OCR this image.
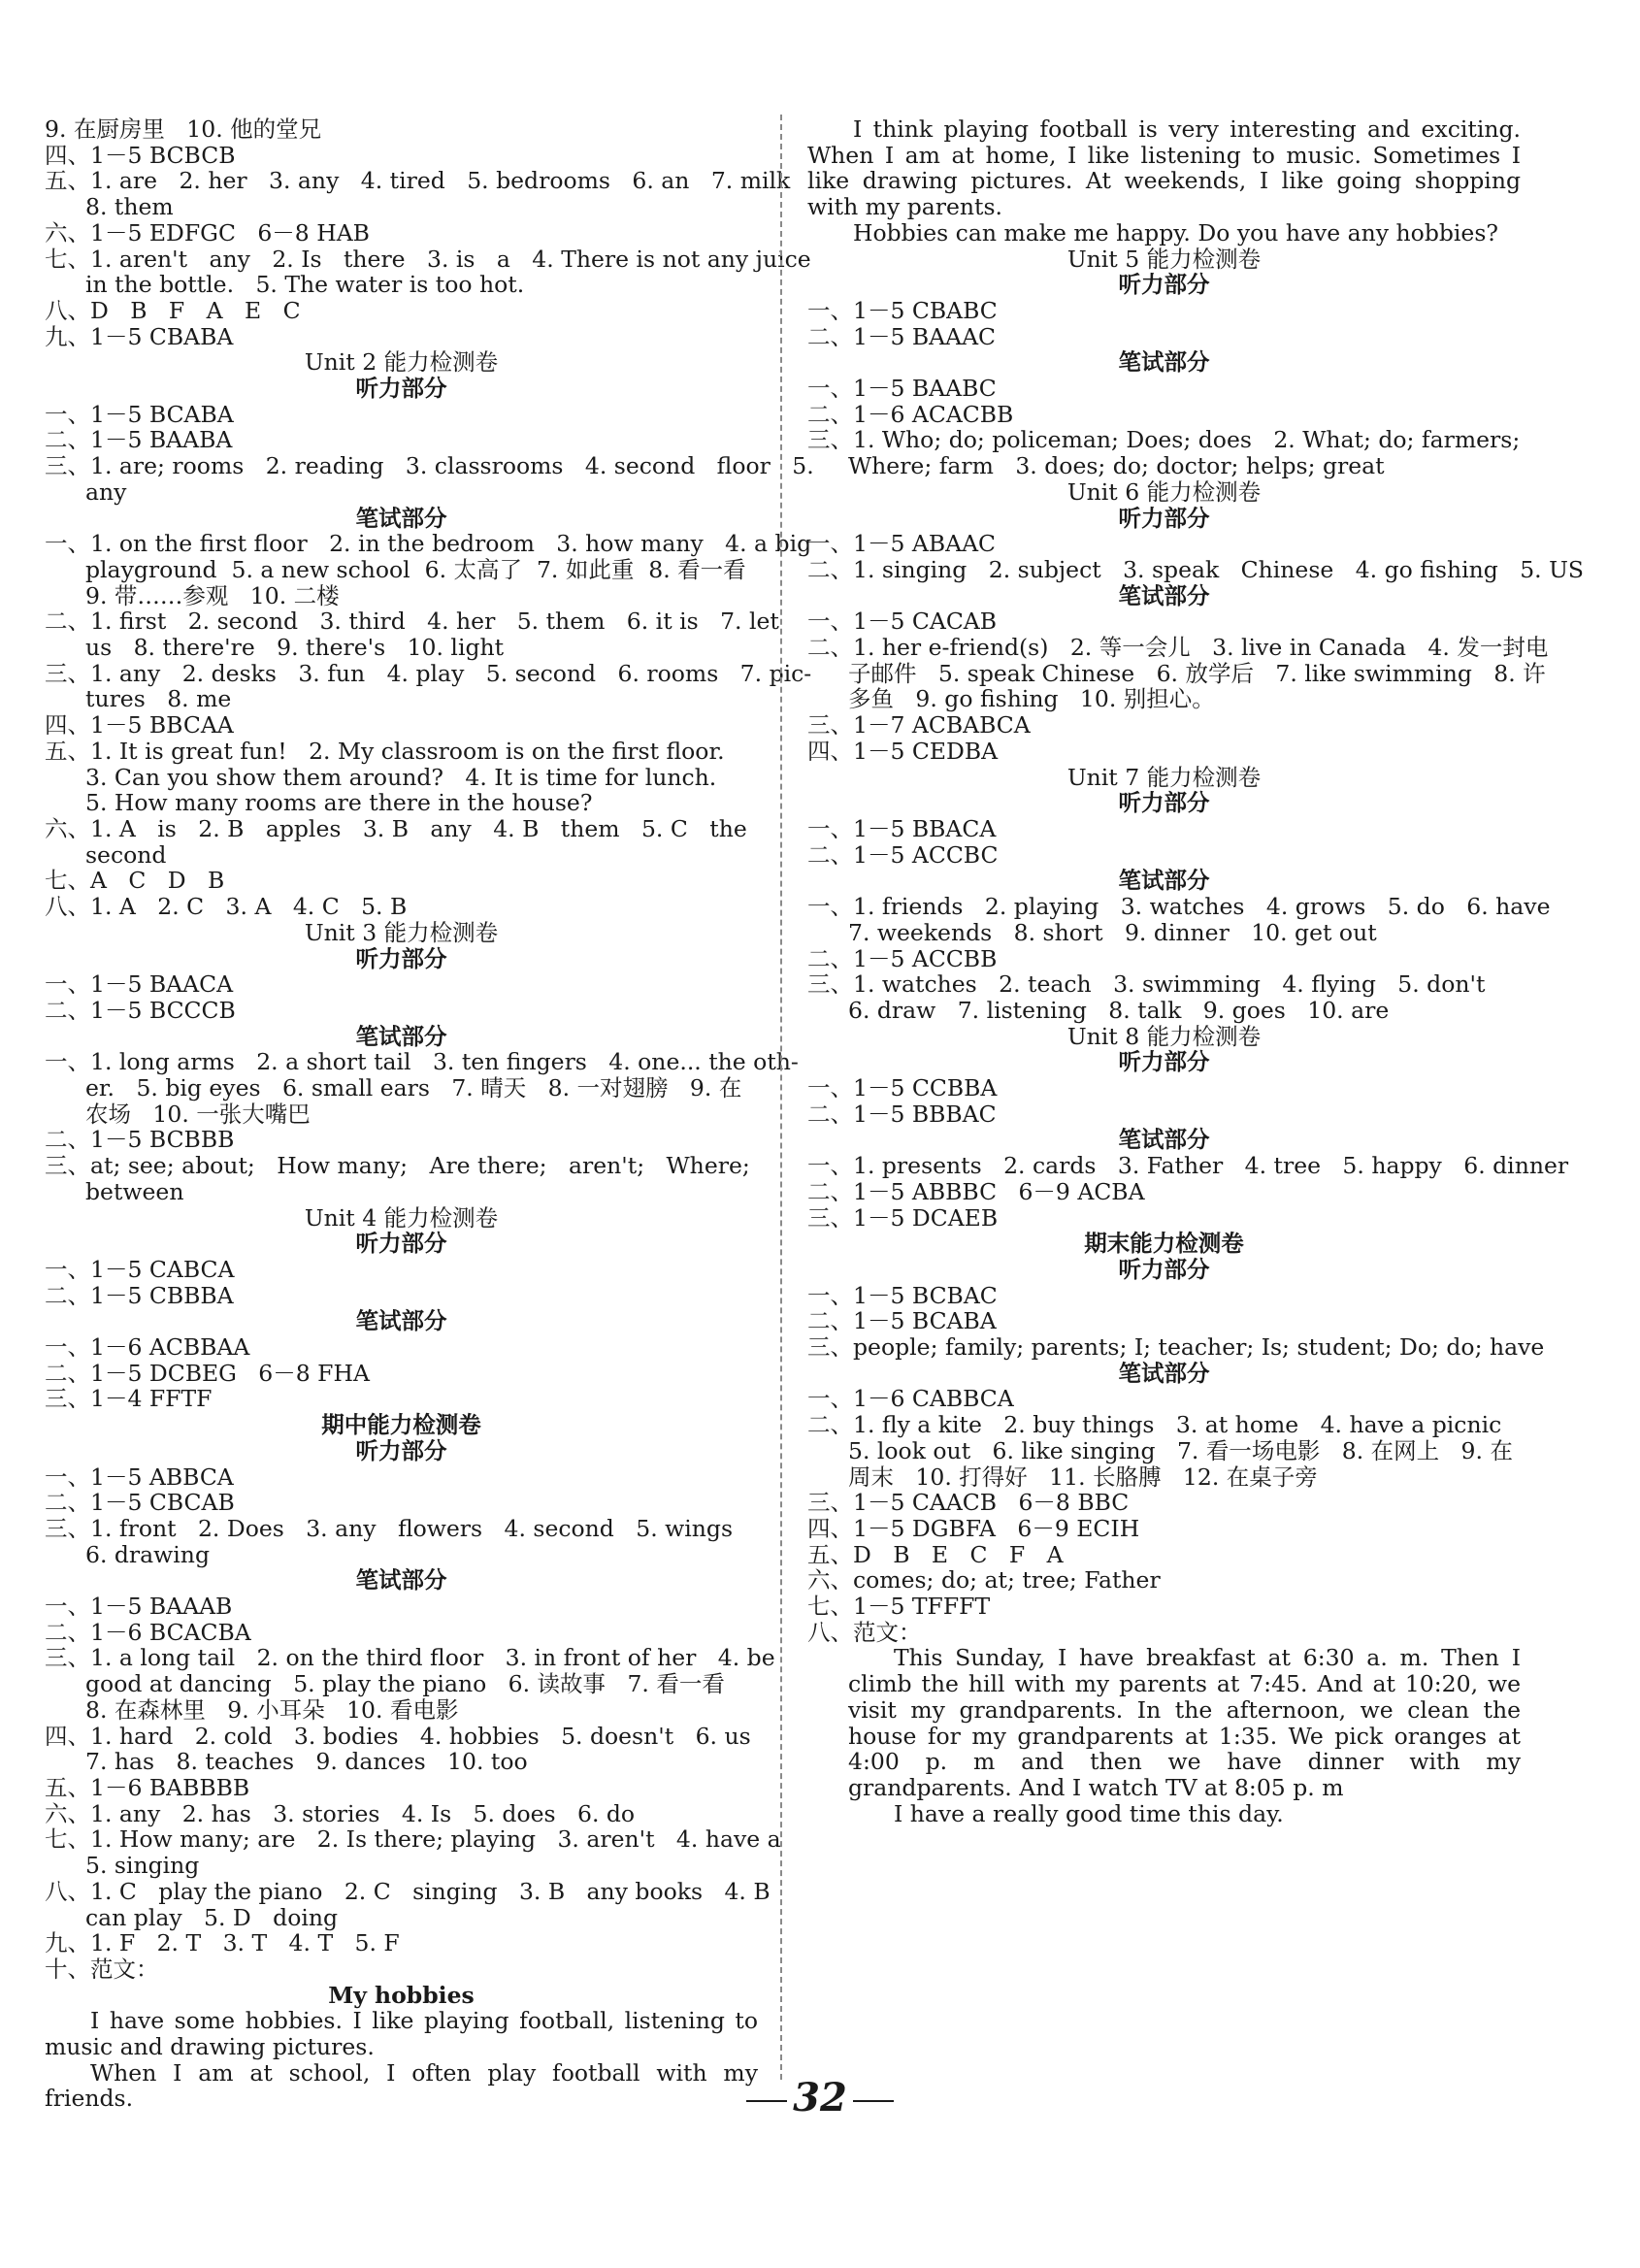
9. 在厨房里   10. 他的堂兄
四、1－5 BCBCB
五、1. are   2. her   3. any   4. tired   5. bedrooms   6. an   7. milk
8. them
六、1－5 EDFGC   6－8 HAB
七、1. aren't   any   2. Is   there   3. is   a   4. There is not any juice
in the bottle.   5. The water is too hot.
八、D   B   F   A   E   C
九、1－5 CBABA
Unit 2 能力检测卷
听力部分
一、1－5 BCABA
二、1－5 BAABA
三、1. are; rooms   2. reading   3. classrooms   4. second   floor   5.
any
笔试部分
一、1. on the first floor   2. in the bedroom   3. how many   4. a big
playground  5. a new school  6. 太高了  7. 如此重  8. 看一看
9. 带……参观   10. 二楼
二、1. first   2. second   3. third   4. her   5. them   6. it is   7. let
us   8. there're   9. there's   10. light
三、1. any   2. desks   3. fun   4. play   5. second   6. rooms   7. pic-
tures   8. me
四、1－5 BBCAA
五、1. It is great fun!   2. My classroom is on the first floor.
3. Can you show them around?   4. It is time for lunch.
5. How many rooms are there in the house?
六、1. A   is   2. B   apples   3. B   any   4. B   them   5. C   the
second
七、A   C   D   B
八、1. A   2. C   3. A   4. C   5. B
Unit 3 能力检测卷
听力部分
一、1－5 BAACA
二、1－5 BCCCB
笔试部分
一、1. long arms   2. a short tail   3. ten fingers   4. one... the oth-
er.   5. big eyes   6. small ears   7. 晴天   8. 一对翅膀   9. 在
农场   10. 一张大嘴巴
二、1－5 BCBBB
三、at; see; about;   How many;   Are there;   aren't;   Where;
between
Unit 4 能力检测卷
听力部分
一、1－5 CABCA
二、1－5 CBBBA
笔试部分
一、1－6 ACBBAA
二、1－5 DCBEG   6－8 FHA
三、1－4 FFTF
期中能力检测卷
听力部分
一、1－5 ABBCA
二、1－5 CBCAB
三、1. front   2. Does   3. any   flowers   4. second   5. wings
6. drawing
笔试部分
一、1－5 BAAAB
二、1－6 BCACBA
三、1. a long tail   2. on the third floor   3. in front of her   4. be
good at dancing   5. play the piano   6. 读故事   7. 看一看
8. 在森林里   9. 小耳朵   10. 看电影
四、1. hard   2. cold   3. bodies   4. hobbies   5. doesn't   6. us
7. has   8. teaches   9. dances   10. too
五、1－6 BABBBB
六、1. any   2. has   3. stories   4. Is   5. does   6. do
七、1. How many; are   2. Is there; playing   3. aren't   4. have a
5. singing
八、1. C   play the piano   2. C   singing   3. B   any books   4. B
can play   5. D   doing
九、1. F   2. T   3. T   4. T   5. F
十、范文：
My hobbies
I have some hobbies. I like playing football, listening to music and drawing pictures.
When I am at school, I often play football with my friends.
I think playing football is very interesting and exciting. When I am at home, I like listening to music. Sometimes I like drawing pictures. At weekends, I like going shopping with my parents.
Hobbies can make me happy. Do you have any hobbies?
Unit 5 能力检测卷
听力部分
一、1－5 CBABC
二、1－5 BAAAC
笔试部分
一、1－5 BAABC
二、1－6 ACACBB
三、1. Who; do; policeman; Does; does   2. What; do; farmers;
Where; farm   3. does; do; doctor; helps; great
Unit 6 能力检测卷
听力部分
一、1－5 ABAAC
二、1. singing   2. subject   3. speak   Chinese   4. go fishing   5. US
笔试部分
一、1－5 CACAB
二、1. her e-friend(s)   2. 等一会儿   3. live in Canada   4. 发一封电
子邮件   5. speak Chinese   6. 放学后   7. like swimming   8. 许
多鱼   9. go fishing   10. 别担心。
三、1－7 ACBABCA
四、1－5 CEDBA
Unit 7 能力检测卷
听力部分
一、1－5 BBACA
二、1－5 ACCBC
笔试部分
一、1. friends   2. playing   3. watches   4. grows   5. do   6. have
7. weekends   8. short   9. dinner   10. get out
二、1－5 ACCBB
三、1. watches   2. teach   3. swimming   4. flying   5. don't
6. draw   7. listening   8. talk   9. goes   10. are
Unit 8 能力检测卷
听力部分
一、1－5 CCBBA
二、1－5 BBBAC
笔试部分
一、1. presents   2. cards   3. Father   4. tree   5. happy   6. dinner
二、1－5 ABBBC   6－9 ACBA
三、1－5 DCAEB
期末能力检测卷
听力部分
一、1－5 BCBAC
二、1－5 BCABA
三、people; family; parents; I; teacher; Is; student; Do; do; have
笔试部分
一、1－6 CABBCA
二、1. fly a kite   2. buy things   3. at home   4. have a picnic
5. look out   6. like singing   7. 看一场电影   8. 在网上   9. 在
周末   10. 打得好   11. 长胳膊   12. 在桌子旁
三、1－5 CAACB   6－8 BBC
四、1－5 DGBFA   6－9 ECIH
五、D   B   E   C   F   A
六、comes; do; at; tree; Father
七、1－5 TFFFT
八、范文：
This Sunday, I have breakfast at 6:30 a. m. Then I climb the hill with my parents at 7:45. And at 10:20, we visit my grandparents. In the afternoon, we clean the house for my grandparents at 1:35. We pick oranges at 4:00 p. m and then we have dinner with my grandparents. And I watch TV at 8:05 p. m
I have a really good time this day.
32
